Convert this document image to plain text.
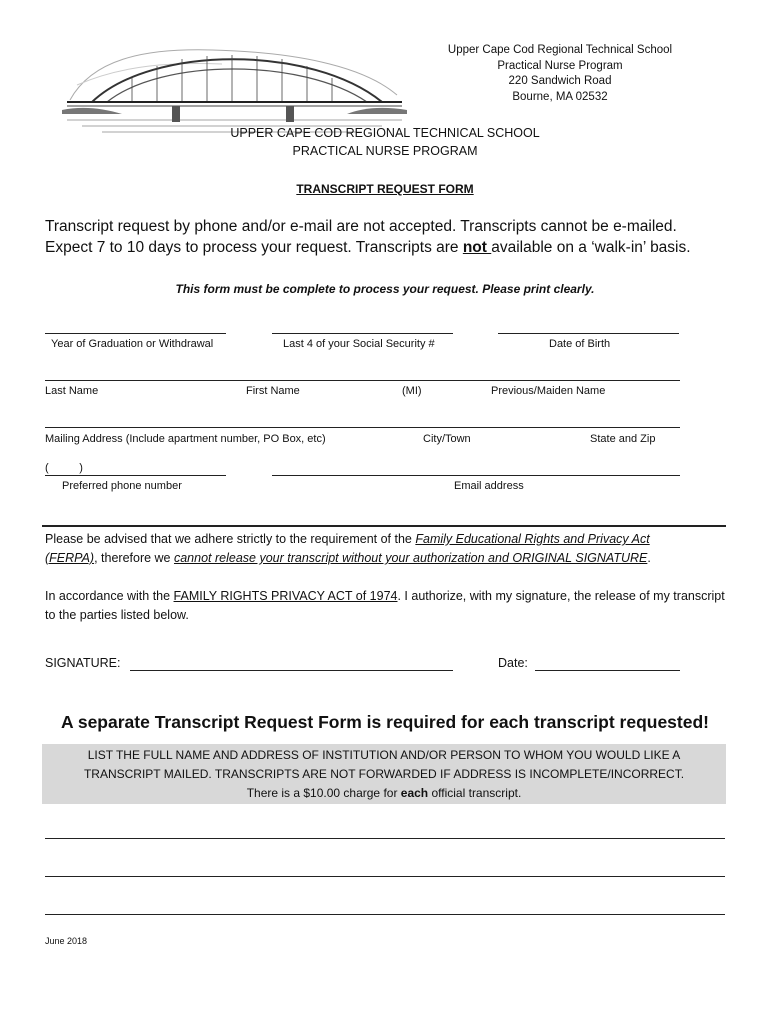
Upper Cape Cod Regional Technical School
Practical Nurse Program
220 Sandwich Road
Bourne, MA 02532
UPPER CAPE COD REGIONAL TECHNICAL SCHOOL
PRACTICAL NURSE PROGRAM
TRANSCRIPT REQUEST FORM
Transcript request by phone and/or e-mail are not accepted. Transcripts cannot be e-mailed.
Expect 7 to 10 days to process your request. Transcripts are not available on a ‘walk-in’ basis.
This form must be complete to process your request. Please print clearly.
Year of Graduation or Withdrawal	Last 4 of your Social Security #	Date of Birth
Last Name	First Name	(MI)	Previous/Maiden Name
Mailing Address (Include apartment number, PO Box, etc)	City/Town	State and Zip
(          )
Preferred phone number	Email address
Please be advised that we adhere strictly to the requirement of the Family Educational Rights and Privacy Act
(FERPA), therefore we cannot release your transcript without your authorization and ORIGINAL SIGNATURE.
In accordance with the FAMILY RIGHTS PRIVACY ACT of 1974. I authorize, with my signature, the release of my transcript to the parties listed below.
SIGNATURE:	Date:
A separate Transcript Request Form is required for each transcript requested!
LIST THE FULL NAME AND ADDRESS OF INSTITUTION AND/OR PERSON TO WHOM YOU WOULD LIKE A
TRANSCRIPT MAILED. TRANSCRIPTS ARE NOT FORWARDED IF ADDRESS IS INCOMPLETE/INCORRECT.
There is a $10.00 charge for each official transcript.
June 2018
